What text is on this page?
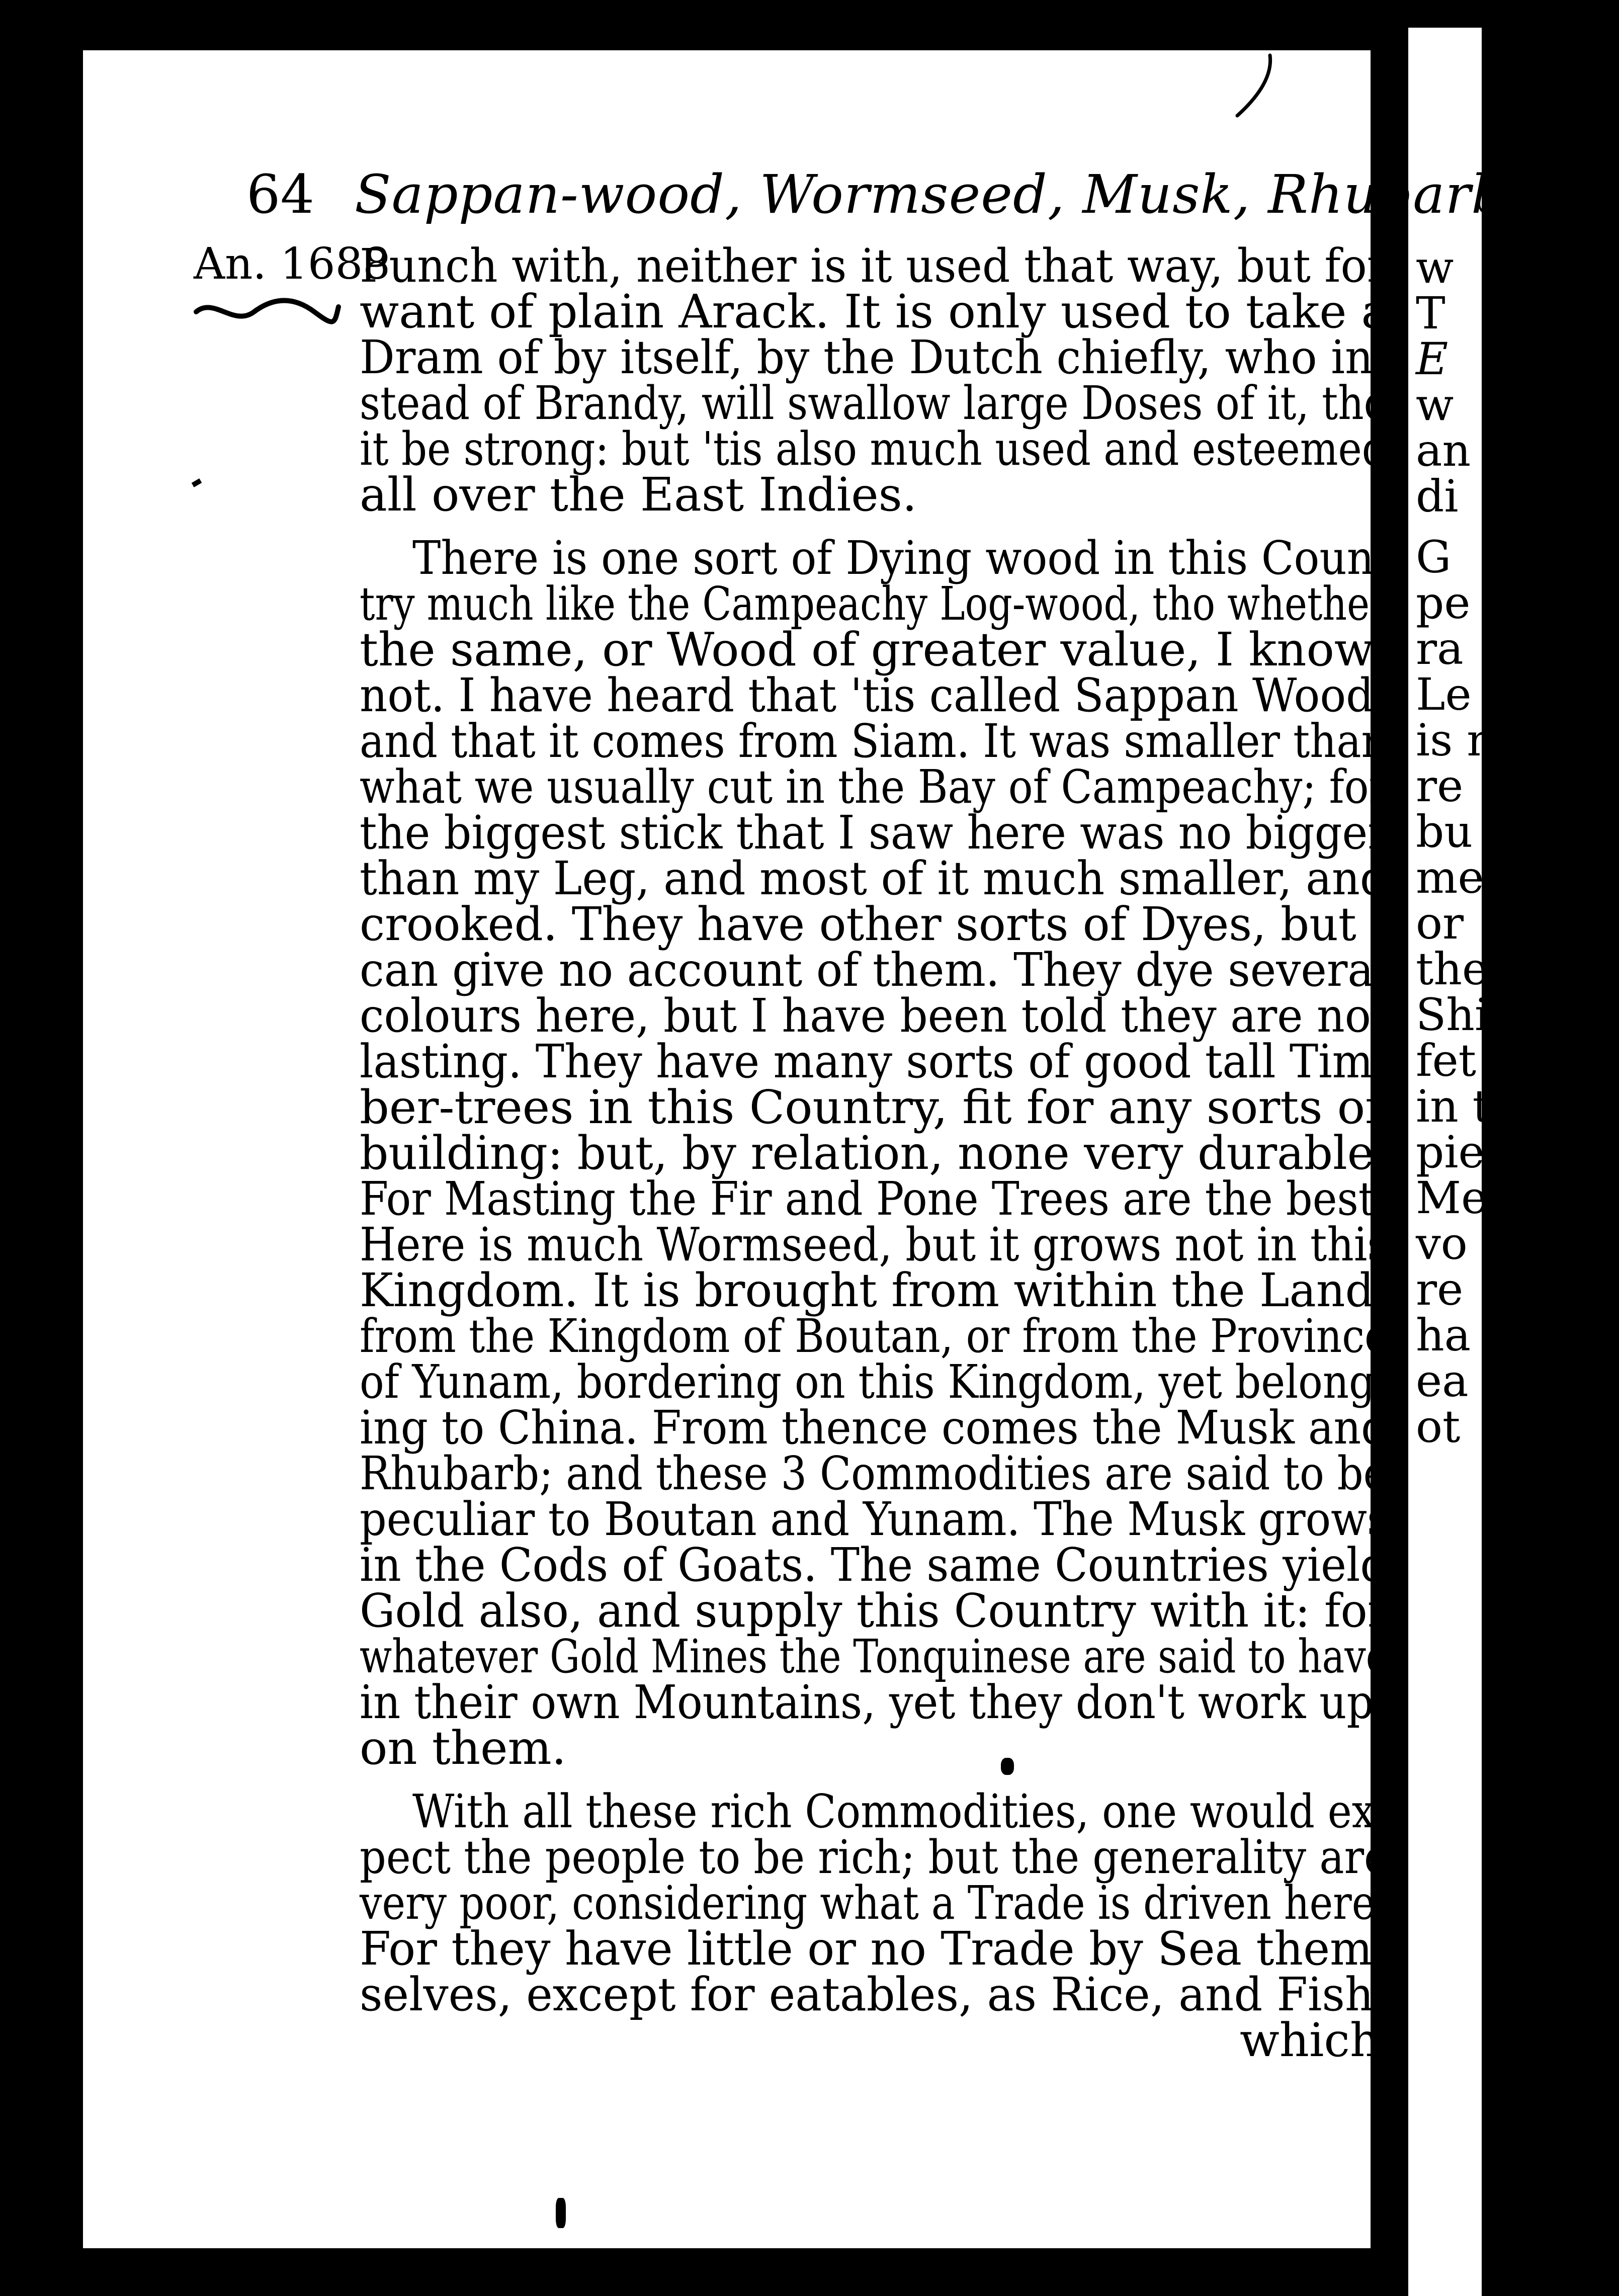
64 Sappan-wood, Wormseed, Musk, Rhubarb &c.
An. 1688
Punch with, neither is it used that way, but for
want of plain Arack. It is only used to take a
Dram of by itself, by the Dutch chiefly, who in-
stead of Brandy, will swallow large Doses of it, tho
it be strong: but 'tis also much used and esteemed
all over the East Indies.
There is one sort of Dying wood in this Coun-
try much like the Campeachy Log-wood, tho whether
the same, or Wood of greater value, I know
not. I have heard that 'tis called Sappan Wood;
and that it comes from Siam. It was smaller than
what we usually cut in the Bay of Campeachy; for
the biggest stick that I saw here was no bigger
than my Leg, and most of it much smaller, and
crooked. They have other sorts of Dyes, but I
can give no account of them. They dye several
colours here, but I have been told they are not
lasting. They have many sorts of good tall Tim-
ber-trees in this Country, fit for any sorts of
building: but, by relation, none very durable.
For Masting the Fir and Pone Trees are the best.
Here is much Wormseed, but it grows not in this
Kingdom. It is brought from within the Land,
from the Kingdom of Boutan, or from the Province
of Yunam, bordering on this Kingdom, yet belong-
ing to China. From thence comes the Musk and
Rhubarb; and these 3 Commodities are said to be
peculiar to Boutan and Yunam. The Musk grows
in the Cods of Goats. The same Countries yield
Gold also, and supply this Country with it: for
whatever Gold Mines the Tonquinese are said to have
in their own Mountains, yet they don't work up-
on them.
With all these rich Commodities, one would ex-
pect the people to be rich; but the generality are
very poor, considering what a Trade is driven here.
For they have little or no Trade by Sea them-
selves, except for eatables, as Rice, and Fish;
which
w
T
E
w
an
di
G
pe
ra
Le
is n
re
bu
me
or
the
Shi
fet
in t
pie
Me
vo
re
ha
ea
ot
